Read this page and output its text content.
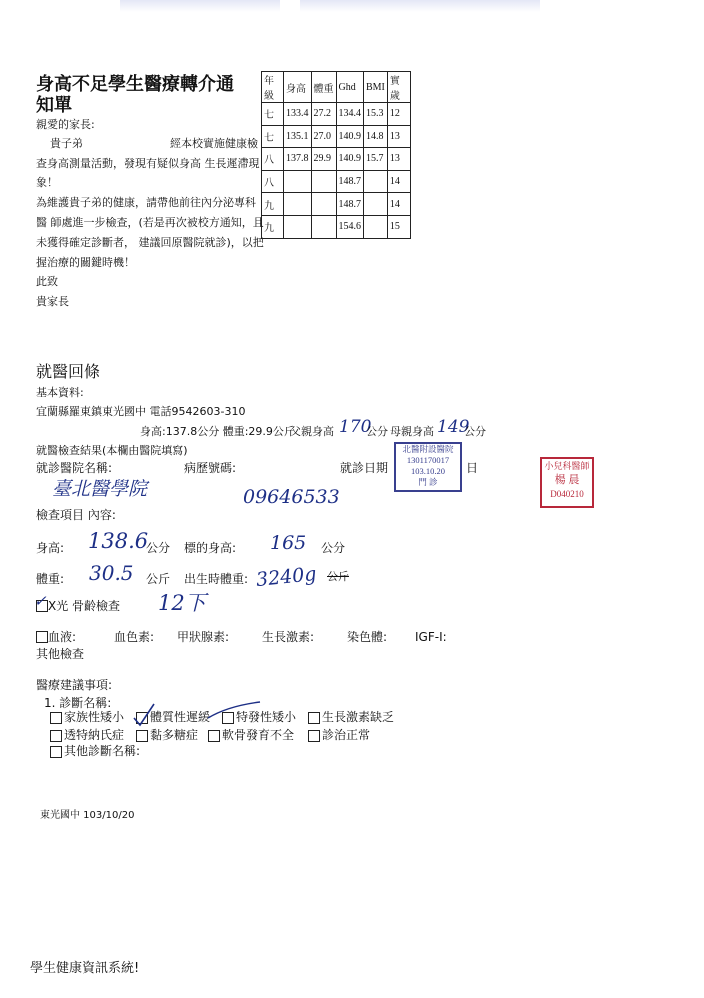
身高不足學生醫療轉介通
知單
親愛的家長:
貴子弟	經本校實施健康檢
查身高測量活動，發現有疑似身高 生長遲滯現
象！
為維護貴子弟的健康，請帶他前往內分泌專科
醫 師處進一步檢查，(若是再次被校方通知，且
未獲得確定診斷者， 建議回原醫院就診)，以把
握治療的關鍵時機！
此致
貴家長
年級	身高	體重	Ghd	BMI	實歲
七	133.4	27.2	134.4	15.3	12
七	135.1	27.0	140.9	14.8	13
八	137.8	29.9	140.9	15.7	13
八			148.7		14
九			148.7		14
九			154.6		15
就醫回條
基本資料:
宜蘭縣羅東鎮東光國中 電話9542603-310
身高:137.8公分 體重:29.9公斤
父親身高 170
公分 母親身高 149
公分
就醫檢查結果(本欄由醫院填寫)
就診醫院名稱:
臺北醫學院
病歷號碼:
09646533
就診日期	日
北醫附設醫院
1301170017
103.10.20
門 診
小兒科醫師
楊 晨
D040210
檢查項目 內容:
身高: 138.6
公分 標的身高: 165 公分
體重: 30.5 公斤 出生時體重: 3240g 公斤
✓ X光 骨齡檢查 12下
血液:	血色素: 甲狀腺素:	生長激素:	染色體: IGF-I:
其他檢查
醫療建議事項:
1. 診斷名稱:
家族性矮小 體質性遲緩 特發性矮小 生長激素缺乏
透特納氏症 黏多糖症 軟骨發育不全 診治正常
其他診斷名稱:
東光國中 103/10/20
學生健康資訊系統!
